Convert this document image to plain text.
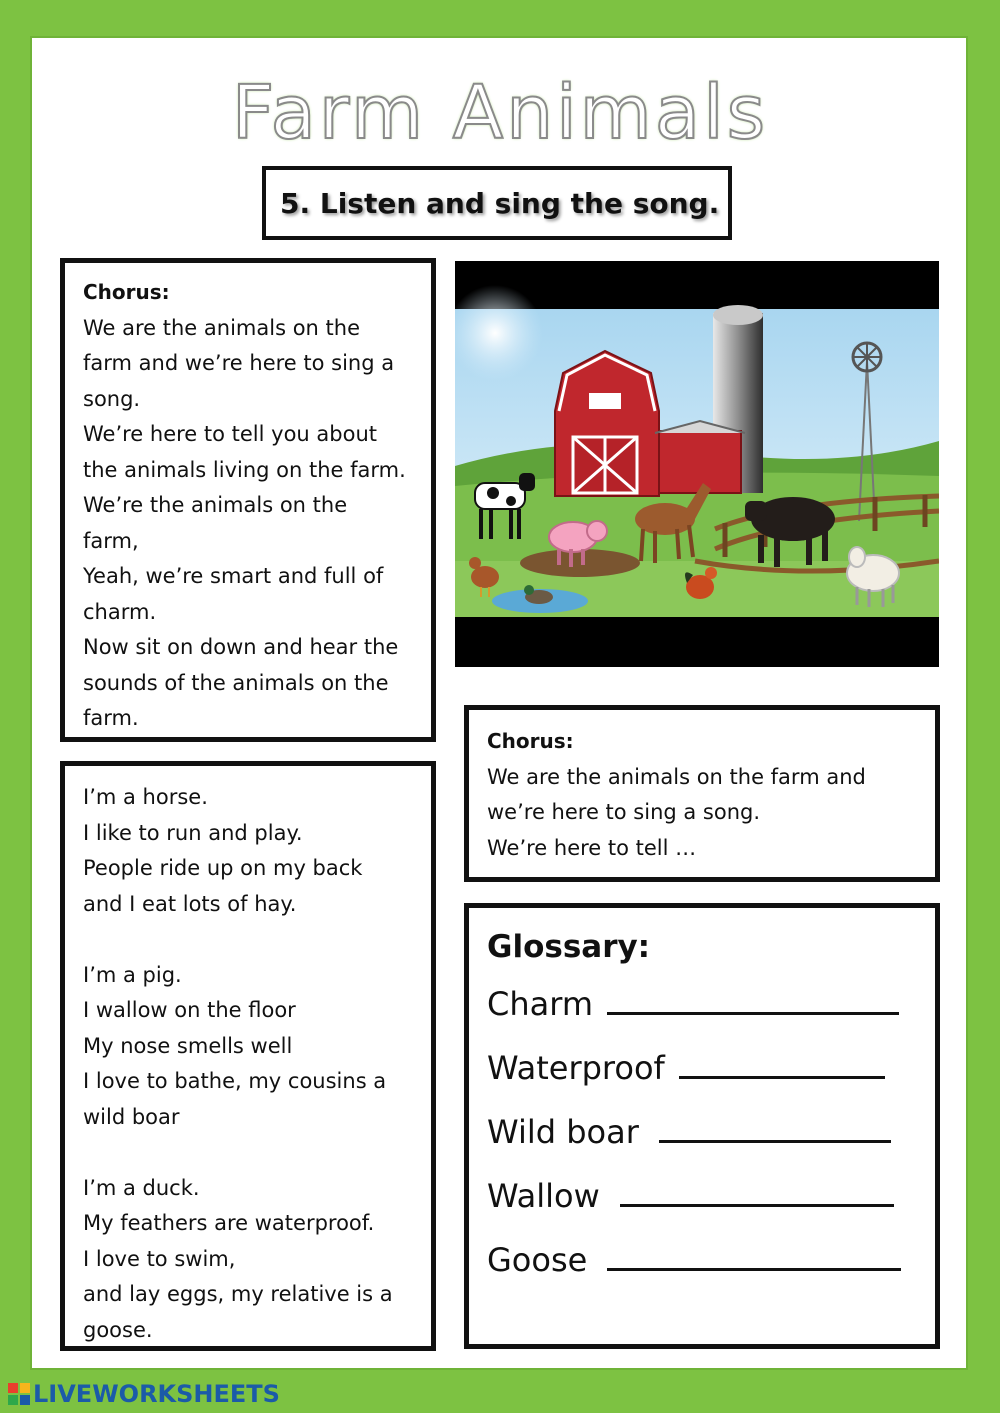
Farm Animals
5. Listen and sing the song.
Chorus:
We are the animals on the
farm and we’re here to sing a
song.
We’re here to tell you about
the animals living on the farm.
We’re the animals on the
farm,
Yeah, we’re smart and full of
charm.
Now sit on down and hear the
sounds of the animals on the
farm.
I’m a horse.
I like to run and play.
People ride up on my back
and I eat lots of hay.
I’m a pig.
I wallow on the floor
My nose smells well
I love to bathe, my cousins a
wild boar
I’m a duck.
My feathers are waterproof.
I love to swim,
and lay eggs, my relative is a
goose.
Chorus:
We are the animals on the farm and
we’re here to sing a song.
We’re here to tell …
Glossary:
Charm
Waterproof
Wild boar
Wallow
Goose
LIVEWORKSHEETS
